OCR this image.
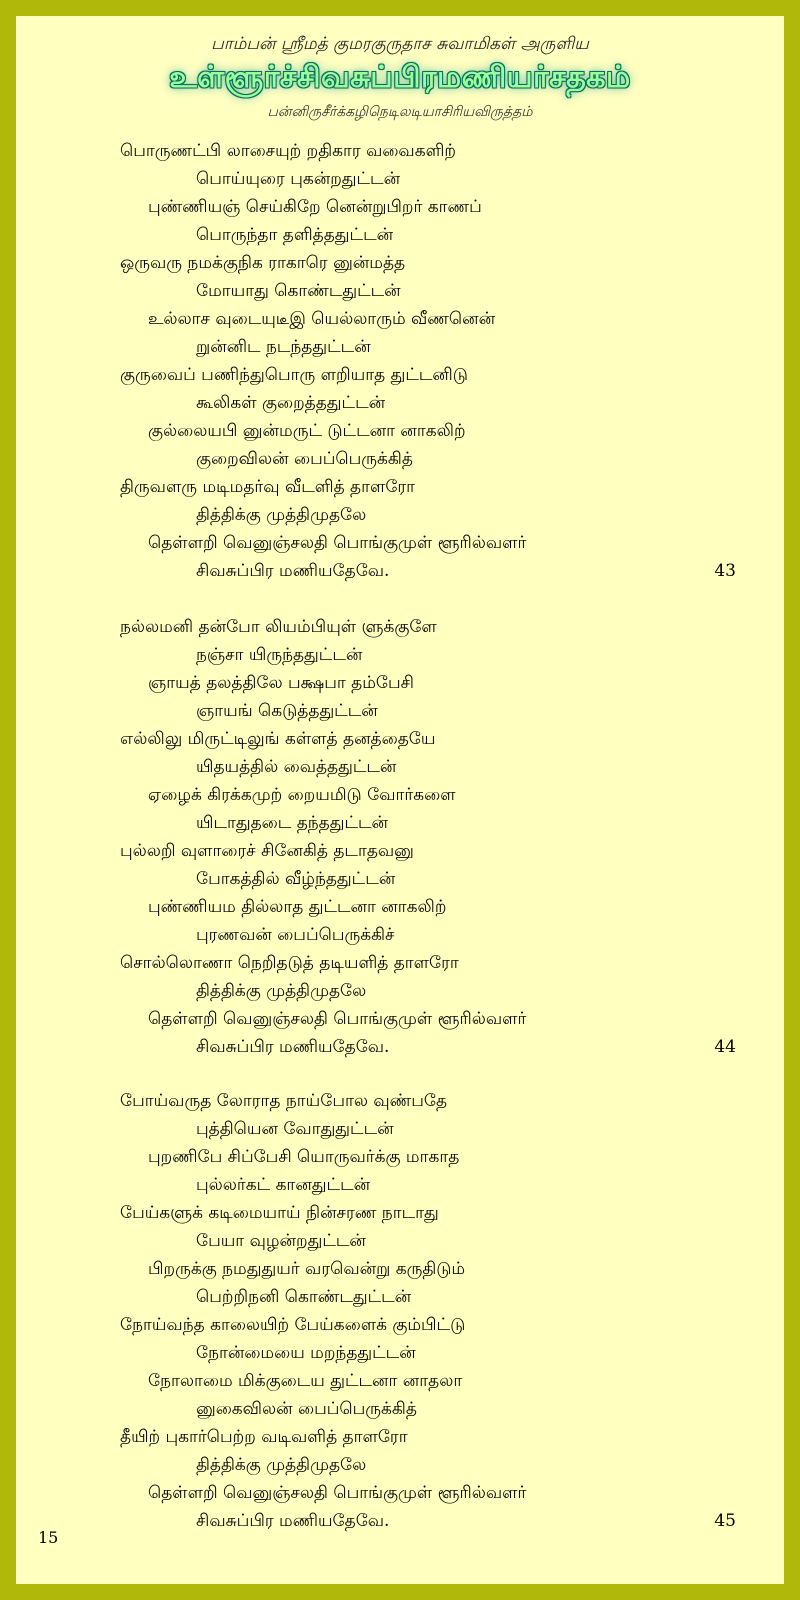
பாம்பன் ஸ்ரீமத் குமரகுருதாச சுவாமிகள் அருளிய
உள்ளூர்ச்சிவசுப்பிரமணியர்சதகம்
பன்னிருசீர்க்கழிநெடிலடியாசிரியவிருத்தம்
பொருணட்பி லாசையுற் றதிகார வவைகளிற்
பொய்யுரை புகன்றதுட்டன்
புண்ணியஞ் செய்கிறே னென்றுபிறர் காணப்
பொருந்தா தளித்ததுட்டன்
ஒருவரு நமக்குநிக ராகாரெ னுன்மத்த
மோயாது கொண்டதுட்டன்
உல்லாச வுடையுடீஇ யெல்லாரும் வீணனென்
றுன்னிட நடந்ததுட்டன்
குருவைப் பணிந்துபொரு ளறியாத துட்டனிடு
கூலிகள் குறைத்ததுட்டன்
குல்லையபி னுன்மருட் டுட்டனா னாகலிற்
குறைவிலன் பைப்பெருக்கித்
திருவளரு மடிமதர்வு வீடளித் தாளரோ
தித்திக்கு முத்திமுதலே
தெள்ளறி வெனுஞ்சலதி பொங்குமுள் ளூரில்வளர்
சிவசுப்பிர மணியதேவே.	43
நல்லமனி தன்போ லியம்பியுள் ளுக்குளே
நஞ்சா யிருந்ததுட்டன்
ஞாயத் தலத்திலே பக்ஷபா தம்பேசி
ஞாயங் கெடுத்ததுட்டன்
எல்லிலு மிருட்டிலுங் கள்ளத் தனத்தையே
யிதயத்தில் வைத்ததுட்டன்
ஏழைக் கிரக்கமுற் றையமிடு வோர்களை
யிடாதுதடை தந்ததுட்டன்
புல்லறி வுளாரைச் சினேகித் தடாதவனு
போகத்தில் வீழ்ந்ததுட்டன்
புண்ணியம தில்லாத துட்டனா னாகலிற்
புரணவன் பைப்பெருக்கிச்
சொல்லொணா நெறிதடுத் தடியளித் தாளரோ
தித்திக்கு முத்திமுதலே
தெள்ளறி வெனுஞ்சலதி பொங்குமுள் ளூரில்வளர்
சிவசுப்பிர மணியதேவே.	44
போய்வருத லோராத நாய்போல வுண்பதே
புத்தியென வோதுதுட்டன்
புறணிபே சிப்பேசி யொருவர்க்கு மாகாத
புல்லர்கட் கானதுட்டன்
பேய்களுக் கடிமையாய் நின்சரண நாடாது
பேயா வுழன்றதுட்டன்
பிறருக்கு நமதுதுயர் வரவென்று கருதிடும்
பெற்றிநனி கொண்டதுட்டன்
நோய்வந்த காலையிற் பேய்களைக் கும்பிட்டு
நோன்மையை மறந்ததுட்டன்
நோலாமை மிக்குடைய துட்டனா னாதலா
னுகைவிலன் பைப்பெருக்கித்
தீயிற் புகார்பெற்ற வடிவளித் தாளரோ
தித்திக்கு முத்திமுதலே
தெள்ளறி வெனுஞ்சலதி பொங்குமுள் ளூரில்வளர்
சிவசுப்பிர மணியதேவே.	45
15
